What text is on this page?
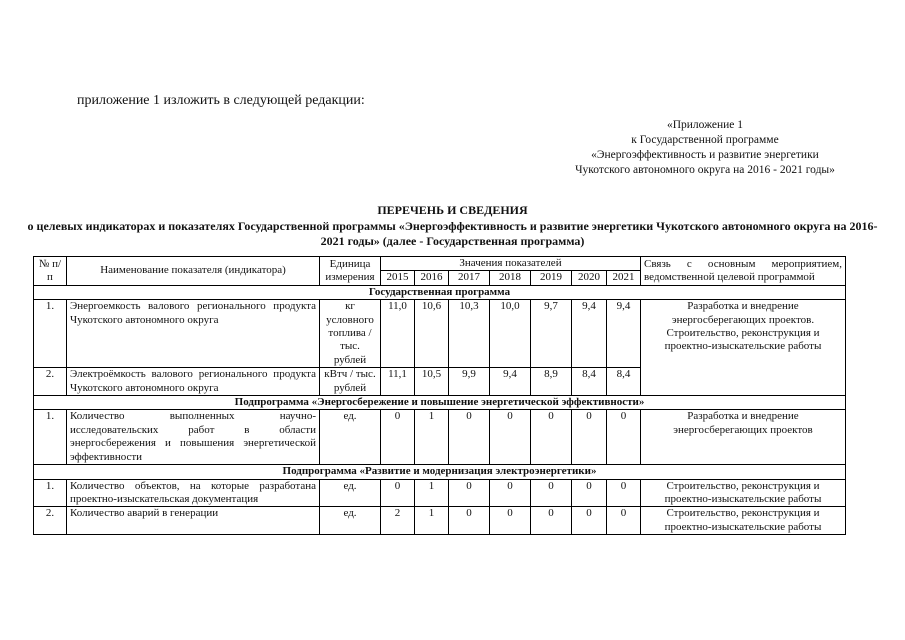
приложение 1 изложить в следующей редакции:
«Приложение 1
к Государственной программе
«Энергоэффективность и развитие энергетики
Чукотского автономного округа на 2016 - 2021 годы»
ПЕРЕЧЕНЬ И СВЕДЕНИЯ
о целевых индикаторах и показателях Государственной программы «Энергоэффективность и развитие энергетики Чукотского автономного округа на 2016-2021 годы» (далее - Государственная программа)
№ п/п	Наименование показателя (индикатора)	Единица измерения	Значения показателей							Связь с основным мероприятием, ведомственной целевой программой
			2015	2016	2017	2018	2019	2020	2021	
Государственная программа										
1.	Энергоемкость валового регионального продукта Чукотского автономного округа	кг условного топлива / тыс. рублей	11,0	10,6	10,3	10,0	9,7	9,4	9,4	Разработка и внедрение энергосберегающих проектов. Строительство, реконструкция и проектно-изыскательские работы
2.	Электроёмкость валового регионального продукта Чукотского автономного округа	кВтч / тыс. рублей	11,1	10,5	9,9	9,4	8,9	8,4	8,4	
Подпрограмма «Энергосбережение и повышение энергетической эффективности»										
1.	Количество выполненных научно-исследовательских работ в области энергосбережения и повышения энергетической эффективности	ед.	0	1	0	0	0	0	0	Разработка и внедрение энергосберегающих проектов
Подпрограмма «Развитие и модернизация электроэнергетики»										
1.	Количество объектов, на которые разработана проектно-изыскательская документация	ед.	0	1	0	0	0	0	0	Строительство, реконструкция и проектно-изыскательские работы
2.	Количество аварий в генерации	ед.	2	1	0	0	0	0	0	Строительство, реконструкция и проектно-изыскательские работы
